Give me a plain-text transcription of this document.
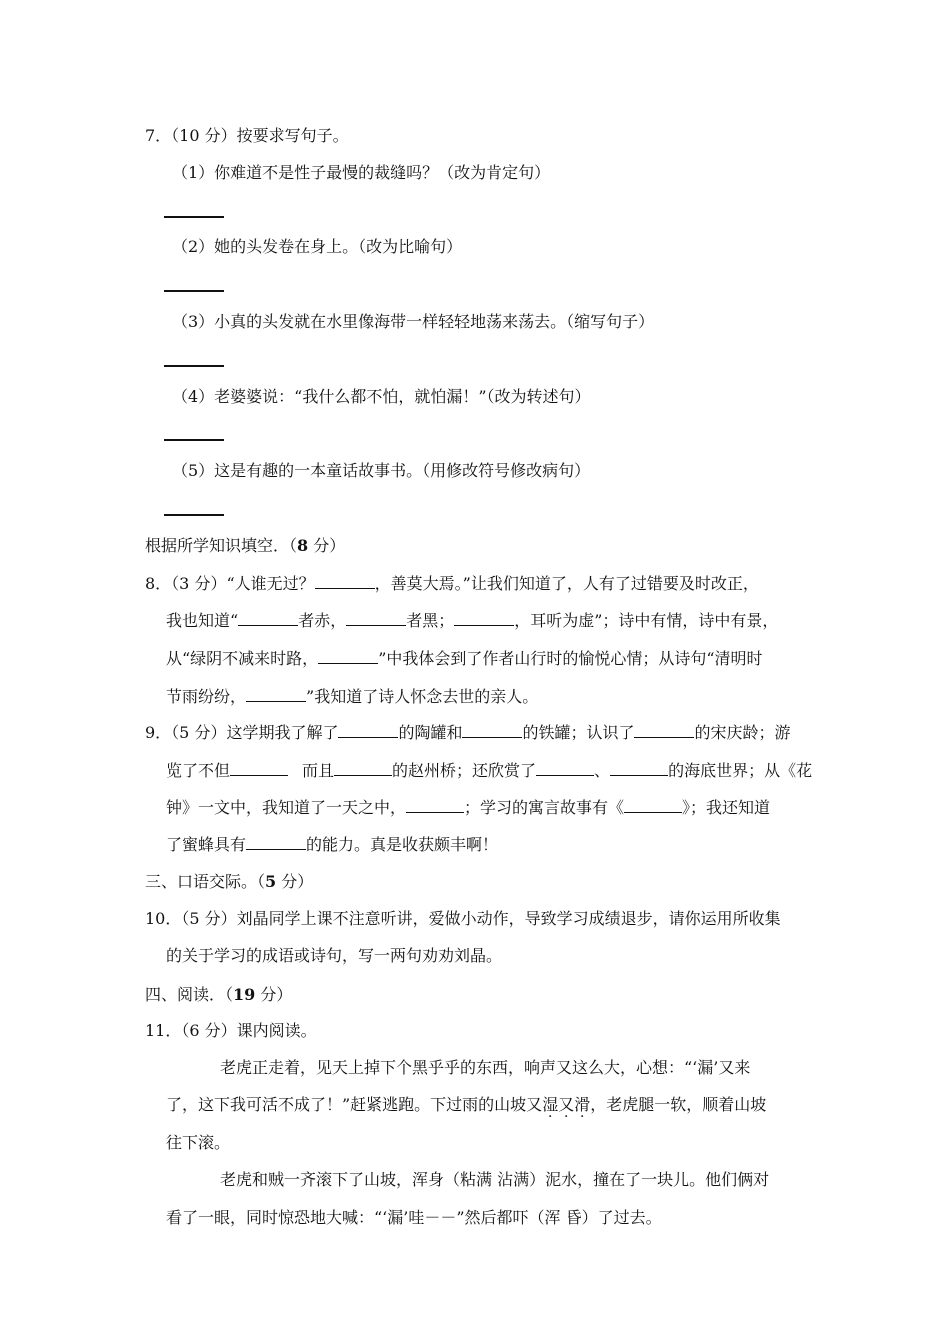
7．（10 分）按要求写句子。
（1）你难道不是性子最慢的裁缝吗？（改为肯定句）
（2）她的头发卷在身上。（改为比喻句）
（3）小真的头发就在水里像海带一样轻轻地荡来荡去。（缩写句子）
（4）老婆婆说：“我什么都不怕，就怕漏！”（改为转述句）
（5）这是有趣的一本童话故事书。（用修改符号修改病句）
根据所学知识填空．（8 分）
8．（3 分）“人谁无过？	，善莫大焉。”让我们知道了，人有了过错要及时改正，
我也知道“	者赤，	者黑；	，耳听为虚”；诗中有情，诗中有景，
从“绿阴不减来时路，	”中我体会到了作者山行时的愉悦心情；从诗句“清明时
节雨纷纷，	”我知道了诗人怀念去世的亲人。
9．（5 分）这学期我了解了	的陶罐和	的铁罐；认识了	的宋庆龄；游
览了不但	而且	的赵州桥；还欣赏了	、	的海底世界；从《花
钟》一文中，我知道了一天之中，	；学习的寓言故事有《	》；我还知道
了蜜蜂具有	的能力。真是收获颇丰啊！
三、口语交际。（5 分）
10．（5 分）刘晶同学上课不注意听讲，爱做小动作，导致学习成绩退步，请你运用所收集
的关于学习的成语或诗句，写一两句劝劝刘晶。
四、阅读．（19 分）
11．（6 分）课内阅读。
老虎正走着，见天上掉下个黑乎乎的东西，响声又这么大，心想：“‘漏’又来
了，这下我可活不成了！”赶紧逃跑。下过雨的山坡又湿又滑，老虎腿一软，顺着山坡
往下滚。
老虎和贼一齐滚下了山坡，浑身（粘满 沾满）泥水，撞在了一块儿。他们俩对
看了一眼，同时惊恐地大喊：“‘漏’哇－－”然后都吓（浑 昏）了过去。
